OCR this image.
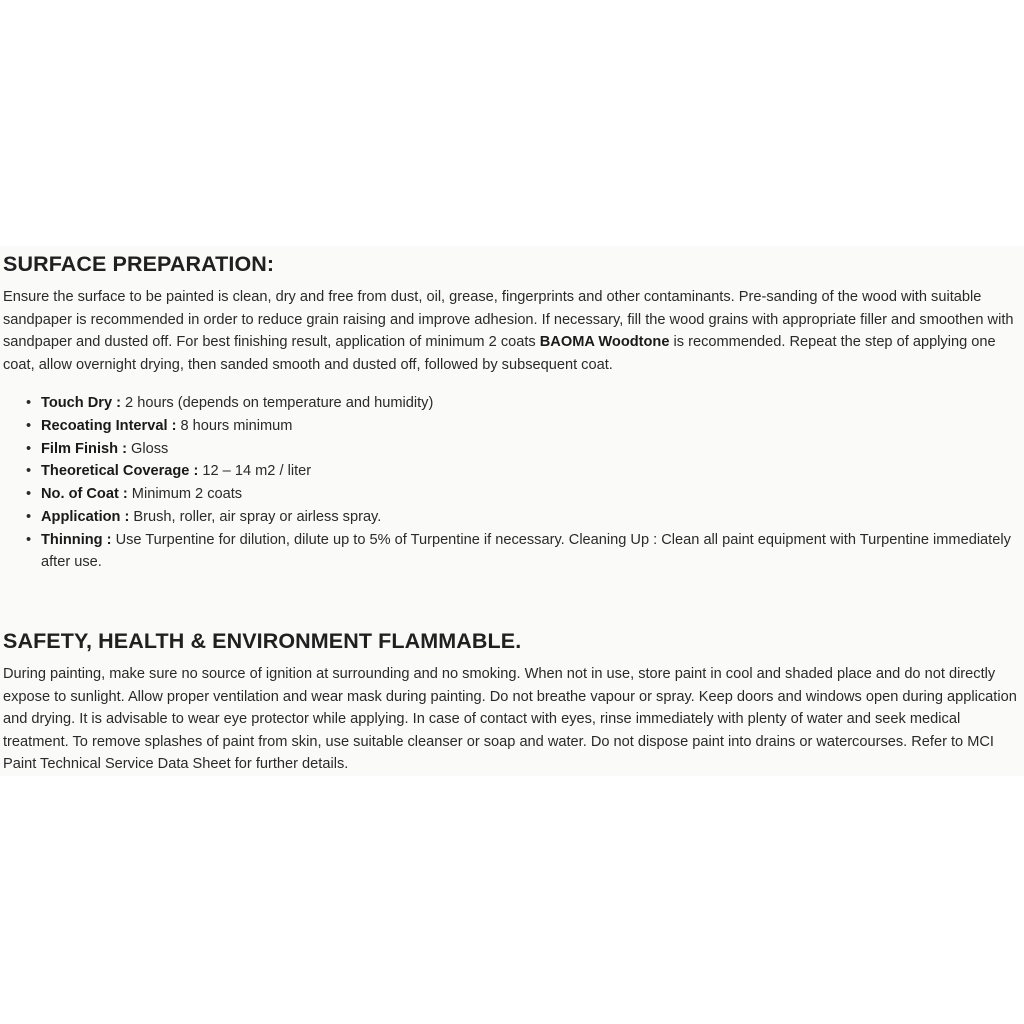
SURFACE PREPARATION:

Ensure the surface to be painted is clean, dry and free from dust, oil, grease, fingerprints and other contaminants. Pre-sanding of the wood with suitable sandpaper is recommended in order to reduce grain raising and improve adhesion. If necessary, fill the wood grains with appropriate filler and smoothen with sandpaper and dusted off. For best finishing result, application of minimum 2 coats BAOMA Woodtone is recommended. Repeat the step of applying one coat, allow overnight drying, then sanded smooth and dusted off, followed by subsequent coat.

• Touch Dry : 2 hours (depends on temperature and humidity)
• Recoating Interval : 8 hours minimum
• Film Finish : Gloss
• Theoretical Coverage : 12 – 14 m2 / liter
• No. of Coat : Minimum 2 coats
• Application : Brush, roller, air spray or airless spray.
• Thinning : Use Turpentine for dilution, dilute up to 5% of Turpentine if necessary. Cleaning Up : Clean all paint equipment with Turpentine immediately after use.
SAFETY, HEALTH & ENVIRONMENT FLAMMABLE.

During painting, make sure no source of ignition at surrounding and no smoking. When not in use, store paint in cool and shaded place and do not directly expose to sunlight. Allow proper ventilation and wear mask during painting. Do not breathe vapour or spray. Keep doors and windows open during application and drying. It is advisable to wear eye protector while applying. In case of contact with eyes, rinse immediately with plenty of water and seek medical treatment. To remove splashes of paint from skin, use suitable cleanser or soap and water. Do not dispose paint into drains or watercourses. Refer to MCI Paint Technical Service Data Sheet for further details.
